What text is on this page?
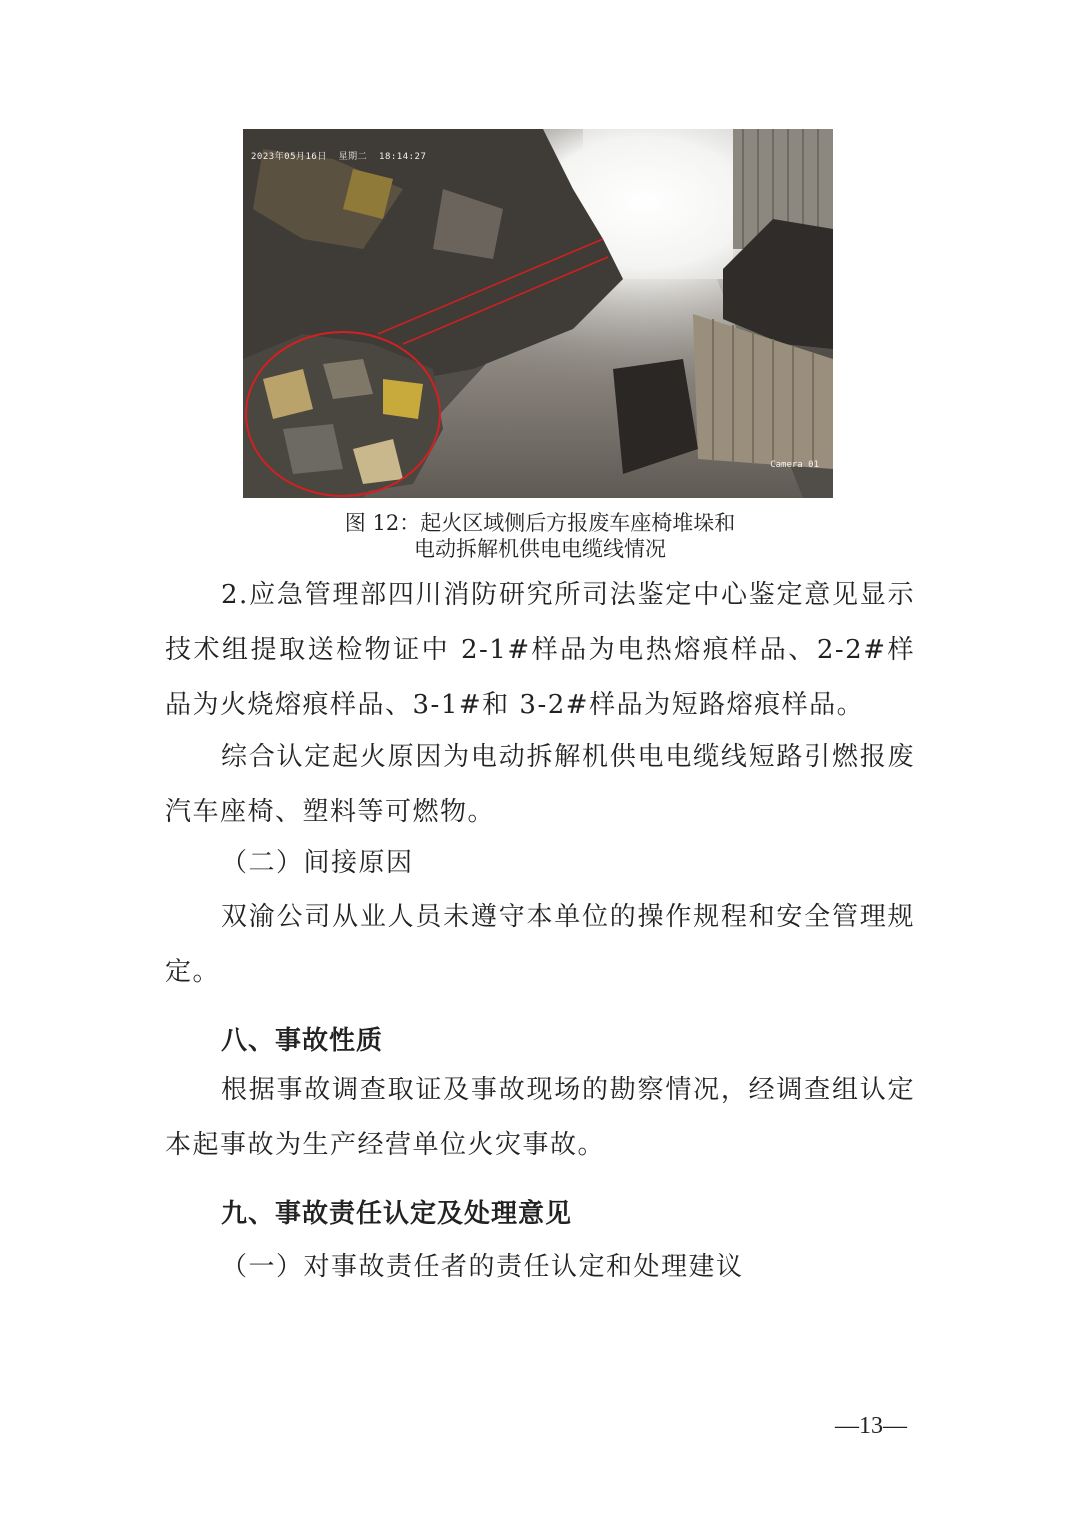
2023年05月16日  星期二  18:14:27
Camera 01
图 12：起火区域侧后方报废车座椅堆垛和
电动拆解机供电电缆线情况

2.应急管理部四川消防研究所司法鉴定中心鉴定意见显示技术组提取送检物证中 2-1#样品为电热熔痕样品、2-2#样品为火烧熔痕样品、3-1#和 3-2#样品为短路熔痕样品。

综合认定起火原因为电动拆解机供电电缆线短路引燃报废汽车座椅、塑料等可燃物。

（二）间接原因

双渝公司从业人员未遵守本单位的操作规程和安全管理规定。

八、事故性质

根据事故调查取证及事故现场的勘察情况，经调查组认定本起事故为生产经营单位火灾事故。

九、事故责任认定及处理意见

（一）对事故责任者的责任认定和处理建议

—13—
